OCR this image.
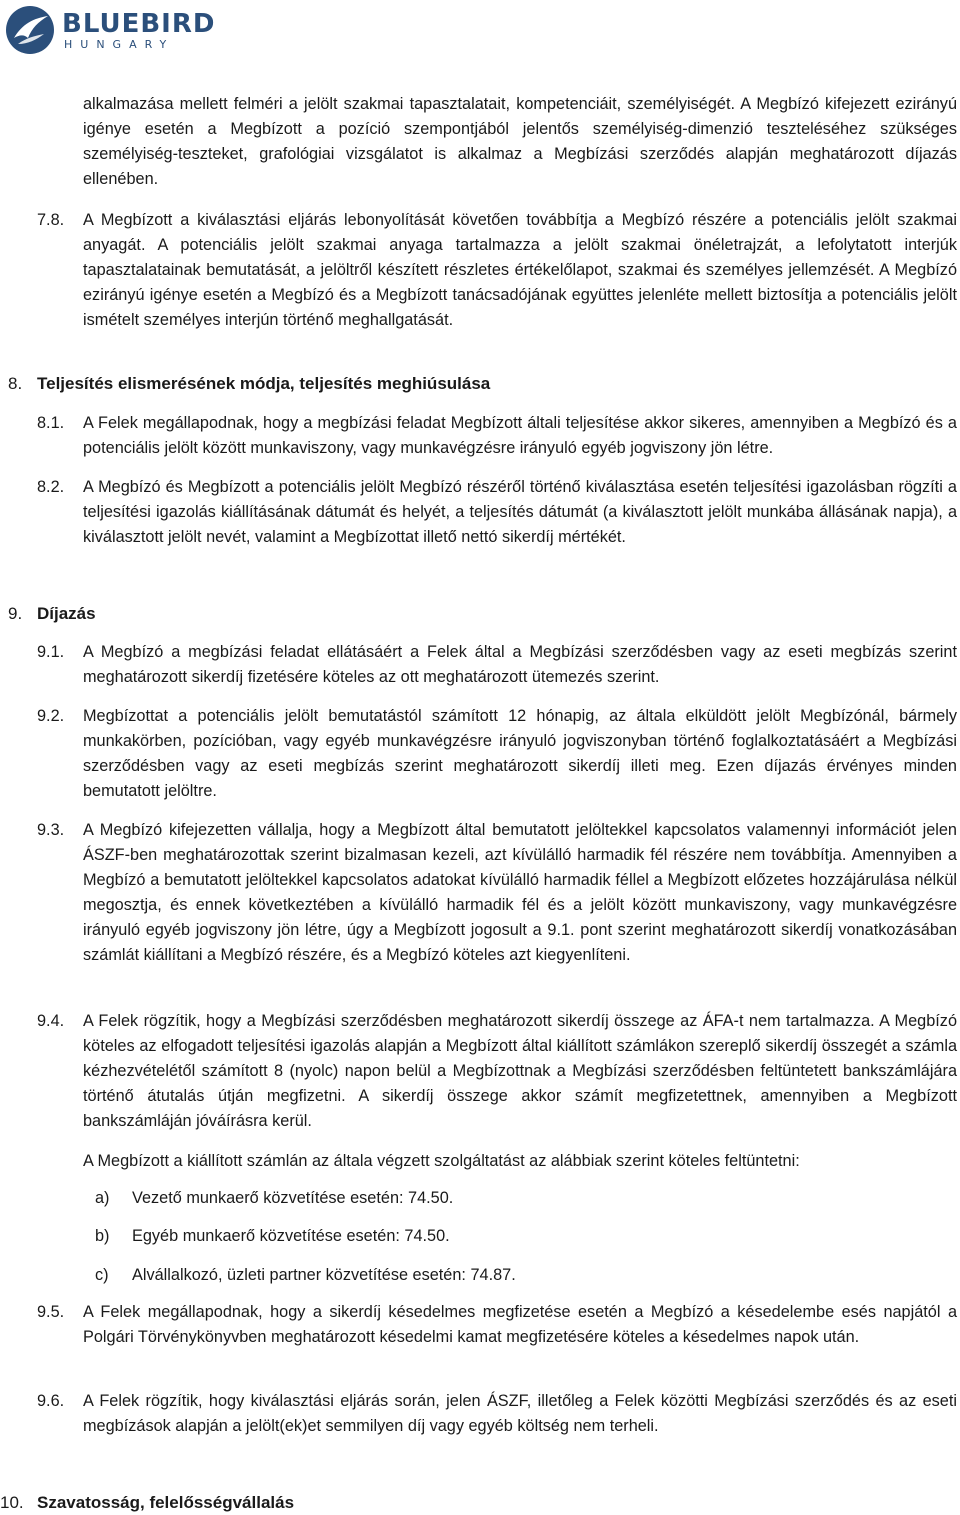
BLUEBIRD
HUNGARY

alkalmazása mellett felméri a jelölt szakmai tapasztalatait, kompetenciáit, személyiségét. A Megbízó kifejezett ezirányú igénye esetén a Megbízott a pozíció szempontjából jelentős személyiség-dimenzió teszteléséhez szükséges személyiség-teszteket, grafológiai vizsgálatot is alkalmaz a Megbízási szerződés alapján meghatározott díjazás ellenében.

7.8. A Megbízott a kiválasztási eljárás lebonyolítását követően továbbítja a Megbízó részére a potenciális jelölt szakmai anyagát. A potenciális jelölt szakmai anyaga tartalmazza a jelölt szakmai önéletrajzát, a lefolytatott interjúk tapasztalatainak bemutatását, a jelöltről készített részletes értékelőlapot, szakmai és személyes jellemzését. A Megbízó ezirányú igénye esetén a Megbízó és a Megbízott tanácsadójának együttes jelenléte mellett biztosítja a potenciális jelölt ismételt személyes interjún történő meghallgatását.

8. Teljesítés elismerésének módja, teljesítés meghiúsulása
8.1. A Felek megállapodnak, hogy a megbízási feladat Megbízott általi teljesítése akkor sikeres, amennyiben a Megbízó és a potenciális jelölt között munkaviszony, vagy munkavégzésre irányuló egyéb jogviszony jön létre.

8.2. A Megbízó és Megbízott a potenciális jelölt Megbízó részéről történő kiválasztása esetén teljesítési igazolásban rögzíti a teljesítési igazolás kiállításának dátumát és helyét, a teljesítés dátumát (a kiválasztott jelölt munkába állásának napja), a kiválasztott jelölt nevét, valamint a Megbízottat illető nettó sikerdíj mértékét.

9. Díjazás
9.1. A Megbízó a megbízási feladat ellátásáért a Felek által a Megbízási szerződésben vagy az eseti megbízás szerint meghatározott sikerdíj fizetésére köteles az ott meghatározott ütemezés szerint.

9.2. Megbízottat a potenciális jelölt bemutatástól számított 12 hónapig, az általa elküldött jelölt Megbízónál, bármely munkakörben, pozícióban, vagy egyéb munkavégzésre irányuló jogviszonyban történő foglalkoztatásáért a Megbízási szerződésben vagy az eseti megbízás szerint meghatározott sikerdíj illeti meg. Ezen díjazás érvényes minden bemutatott jelöltre.

9.3. A Megbízó kifejezetten vállalja, hogy a Megbízott által bemutatott jelöltekkel kapcsolatos valamennyi információt jelen ÁSZF-ben meghatározottak szerint bizalmasan kezeli, azt kívülálló harmadik fél részére nem továbbítja. Amennyiben a Megbízó a bemutatott jelöltekkel kapcsolatos adatokat kívülálló harmadik féllel a Megbízott előzetes hozzájárulása nélkül megosztja, és ennek következtében a kívülálló harmadik fél és a jelölt között munkaviszony, vagy munkavégzésre irányuló egyéb jogviszony jön létre, úgy a Megbízott jogosult a 9.1. pont szerint meghatározott sikerdíj vonatkozásában számlát kiállítani a Megbízó részére, és a Megbízó köteles azt kiegyenlíteni.

9.4. A Felek rögzítik, hogy a Megbízási szerződésben meghatározott sikerdíj összege az ÁFA-t nem tartalmazza. A Megbízó köteles az elfogadott teljesítési igazolás alapján a Megbízott által kiállított számlákon szereplő sikerdíj összegét a számla kézhezvételétől számított 8 (nyolc) napon belül a Megbízottnak a Megbízási szerződésben feltüntetett bankszámlájára történő átutalás útján megfizetni. A sikerdíj összege akkor számít megfizetettnek, amennyiben a Megbízott bankszámláján jóváírásra kerül.

A Megbízott a kiállított számlán az általa végzett szolgáltatást az alábbiak szerint köteles feltüntetni:

a) Vezető munkaerő közvetítése esetén: 74.50.
b) Egyéb munkaerő közvetítése esetén: 74.50.
c) Alvállalkozó, üzleti partner közvetítése esetén: 74.87.
9.5. A Felek megállapodnak, hogy a sikerdíj késedelmes megfizetése esetén a Megbízó a késedelembe esés napjától a Polgári Törvénykönyvben meghatározott késedelmi kamat megfizetésére köteles a késedelmes napok után.

9.6. A Felek rögzítik, hogy kiválasztási eljárás során, jelen ÁSZF, illetőleg a Felek közötti Megbízási szerződés és az eseti megbízások alapján a jelölt(ek)et semmilyen díj vagy egyéb költség nem terheli.

10. Szavatosság, felelősségvállalás
